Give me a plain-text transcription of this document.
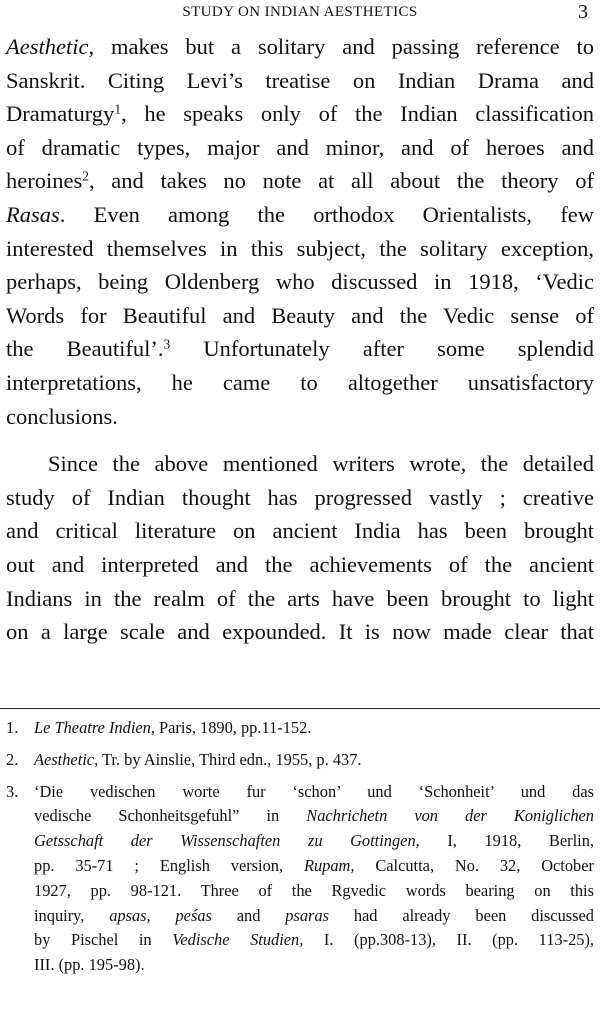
STUDY ON INDIAN AESTHETICS	3
Aesthetic, makes but a solitary and passing reference to
Sanskrit. Citing Levi’s treatise on Indian Drama and
Dramaturgy$^1$, he speaks only of the Indian classification
of dramatic types, major and minor, and of heroes and
heroines$^2$, and takes no note at all about the theory of
Rasas. Even among the orthodox Orientalists, few
interested themselves in this subject, the solitary exception,
perhaps, being Oldenberg who discussed in 1918, ‘Vedic
Words for Beautiful and Beauty and the Vedic sense of
the Beautiful’.$^3$ Unfortunately after some splendid
interpretations, he came to altogether unsatisfactory
conclusions.
Since the above mentioned writers wrote, the detailed
study of Indian thought has progressed vastly ; creative
and critical literature on ancient India has been brought
out and interpreted and the achievements of the ancient
Indians in the realm of the arts have been brought to light
on a large scale and expounded. It is now made clear that
1. Le Theatre Indien, Paris, 1890, pp.11-152.
2. Aesthetic, Tr. by Ainslie, Third edn., 1955, p. 437.
3. ‘Die vedischen worte fur ‘schon’ und ‘Schonheit’ und das
vedische Schonheitsgefuhl” in Nachrichetn von der Koniglichen
Getsschaft der Wissenschaften zu Gottingen, I, 1918, Berlin,
pp. 35-71 ; English version, Rupam, Calcutta, No. 32, October
1927, pp. 98-121. Three of the Rgvedic words bearing on this
inquiry, apsas, peśas and psaras had already been discussed
by Pischel in Vedische Studien, I. (pp.308-13), II. (pp. 113-25),
III. (pp. 195-98).
